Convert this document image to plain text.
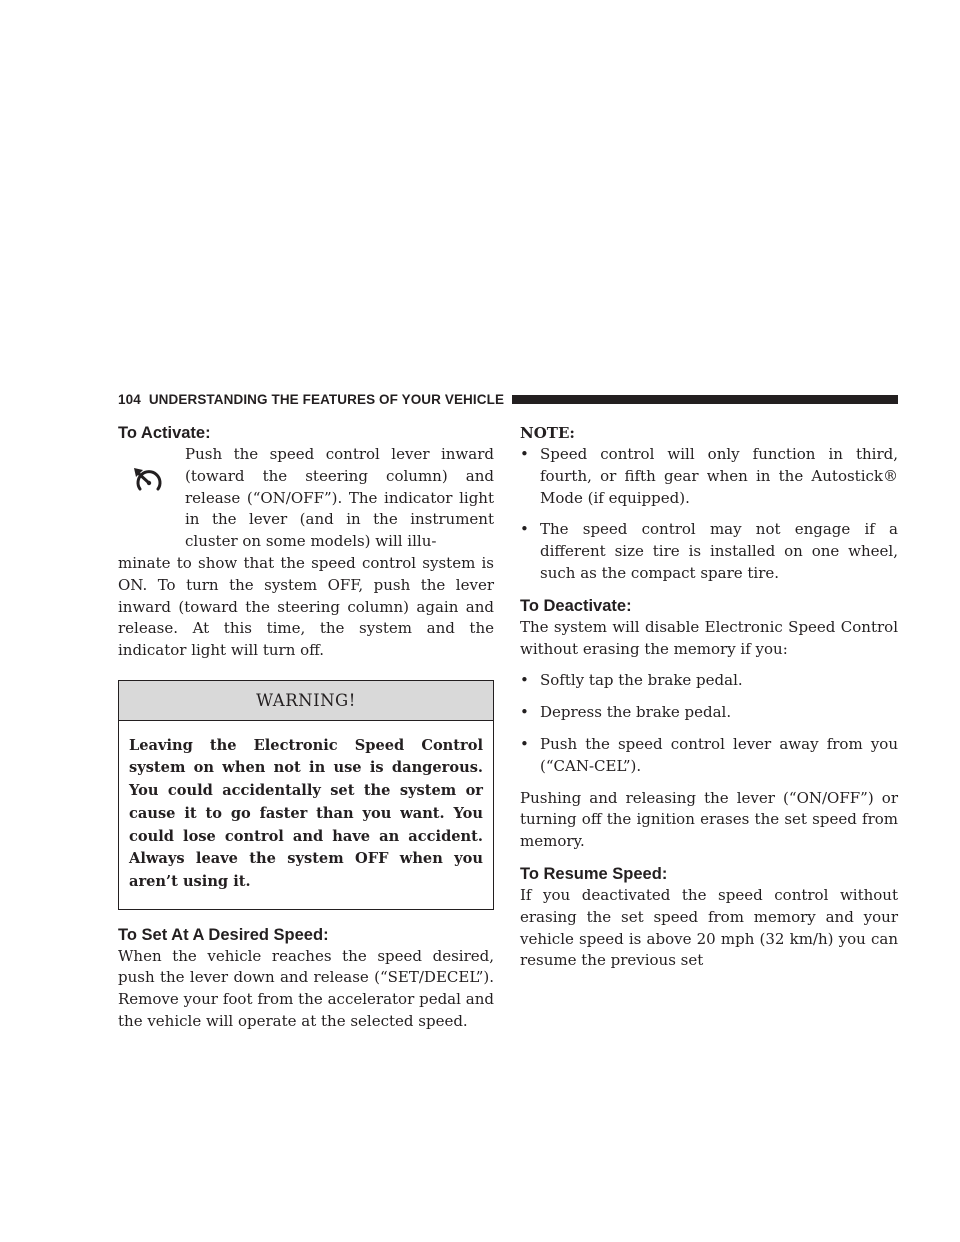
104 UNDERSTANDING THE FEATURES OF YOUR VEHICLE
To Activate:

Push the speed control lever inward (toward the steering column) and release (“ON/OFF”). The indicator light in the lever (and in the instrument cluster on some models) will illu-

minate to show that the speed control system is ON. To turn the system OFF, push the lever inward (toward the steering column) again and release. At this time, the system and the indicator light will turn off.

WARNING!
Leaving the Electronic Speed Control system on when not in use is dangerous. You could accidentally set the system or cause it to go faster than you want. You could lose control and have an accident. Always leave the system OFF when you aren’t using it.
To Set At A Desired Speed:

When the vehicle reaches the speed desired, push the lever down and release (“SET/DECEL”). Remove your foot from the accelerator pedal and the vehicle will operate at the selected speed.

NOTE:
• Speed control will only function in third, fourth, or fifth gear when in the Autostick® Mode (if equipped).
• The speed control may not engage if a different size tire is installed on one wheel, such as the compact spare tire.
To Deactivate:

The system will disable Electronic Speed Control without erasing the memory if you:

• Softly tap the brake pedal.
• Depress the brake pedal.
• Push the speed control lever away from you (“CAN-CEL”).

Pushing and releasing the lever (“ON/OFF”) or turning off the ignition erases the set speed from memory.

To Resume Speed:

If you deactivated the speed control without erasing the set speed from memory and your vehicle speed is above 20 mph (32 km/h) you can resume the previous set
